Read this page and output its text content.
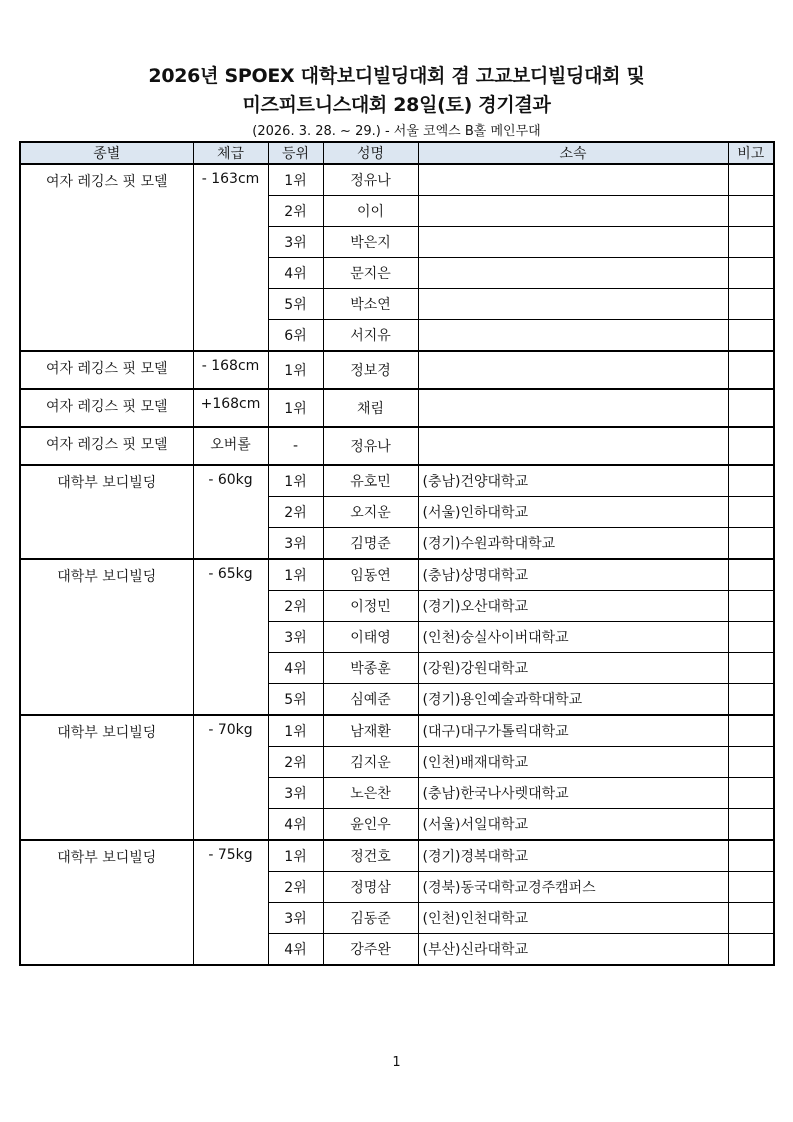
2026년 SPOEX 대학보디빌딩대회 겸 고교보디빌딩대회 및
미즈피트니스대회 28일(토) 경기결과
(2026. 3. 28. ~ 29.) - 서울 코엑스 B홀 메인무대
종별	체급	등위	성명	소속	비고
여자 레깅스 핏 모델	- 163cm	1위	정유나		
		2위	이이		
		3위	박은지		
		4위	문지은		
		5위	박소연		
		6위	서지유		
여자 레깅스 핏 모델	- 168cm	1위	정보경		
여자 레깅스 핏 모델	+168cm	1위	채림		
여자 레깅스 핏 모델	오버롤	-	정유나		
대학부 보디빌딩	- 60kg	1위	유호민	(충남)건양대학교	
		2위	오지운	(서울)인하대학교	
		3위	김명준	(경기)수원과학대학교	
대학부 보디빌딩	- 65kg	1위	임동연	(충남)상명대학교	
		2위	이정민	(경기)오산대학교	
		3위	이태영	(인천)숭실사이버대학교	
		4위	박종훈	(강원)강원대학교	
		5위	심예준	(경기)용인예술과학대학교	
대학부 보디빌딩	- 70kg	1위	남재환	(대구)대구가톨릭대학교	
		2위	김지운	(인천)배재대학교	
		3위	노은찬	(충남)한국나사렛대학교	
		4위	윤인우	(서울)서일대학교	
대학부 보디빌딩	- 75kg	1위	정건호	(경기)경복대학교	
		2위	정명삼	(경북)동국대학교경주캠퍼스	
		3위	김동준	(인천)인천대학교	
		4위	강주완	(부산)신라대학교	
1
